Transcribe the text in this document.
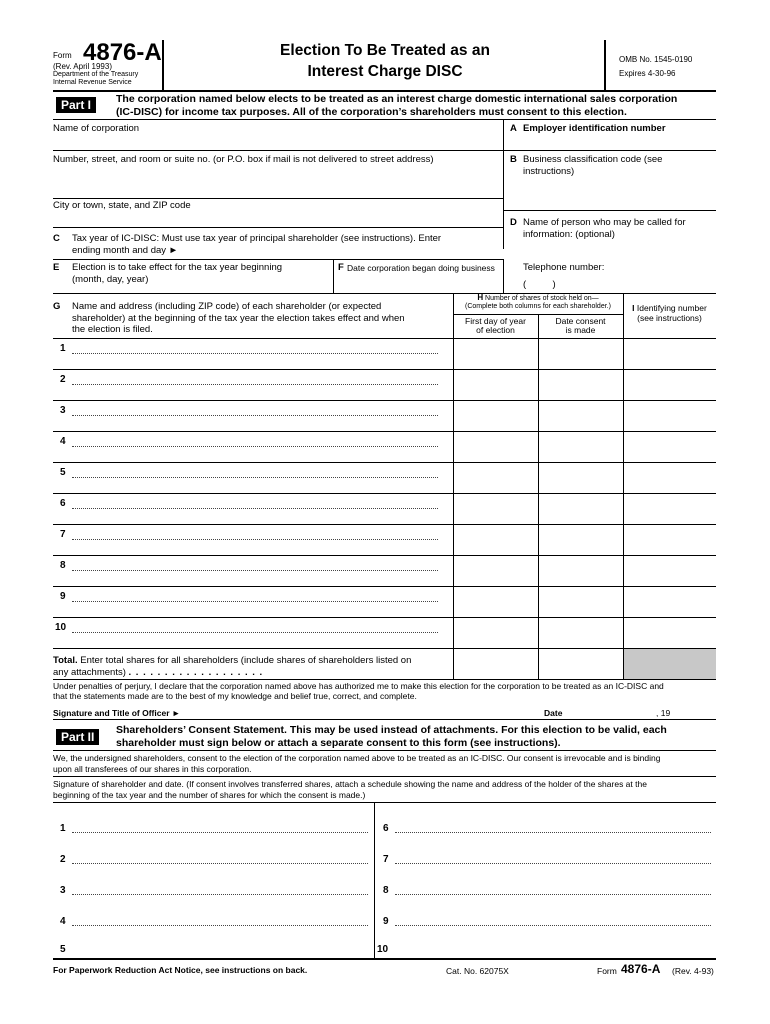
Form 4876-A
(Rev. April 1993)
Department of the Treasury
Internal Revenue Service
Election To Be Treated as an
Interest Charge DISC
OMB No. 1545-0190
Expires 4-30-96
Part I	The corporation named below elects to be treated as an interest charge domestic international sales corporation
(IC-DISC) for income tax purposes. All of the corporation’s shareholders must consent to this election.
Name of corporation	A Employer identification number
Number, street, and room or suite no. (or P.O. box if mail is not delivered to street address)	B Business classification code (see
instructions)
City or town, state, and ZIP code
D Name of person who may be called for
information: (optional)
C Tax year of IC-DISC: Must use tax year of principal shareholder (see instructions). Enter
ending month and day ►
E Election is to take effect for the tax year beginning
(month, day, year)
F Date corporation began doing business	Telephone number:
(          )
G Name and address (including ZIP code) of each shareholder (or expected
shareholder) at the beginning of the tax year the election takes effect and when
the election is filed.
H Number of shares of stock held on—
(Complete both columns for each shareholder.)
First day of year
of election
Date consent
is made
I Identifying number
(see instructions)
1
2
3
4
5
6
7
8
9
10
Total. Enter total shares for all shareholders (include shares of shareholders listed on
any attachments) . . . . . . . . . . . . . . . . . . .
Under penalties of perjury, I declare that the corporation named above has authorized me to make this election for the corporation to be treated as an IC-DISC and
that the statements made are to the best of my knowledge and belief true, correct, and complete.
Signature and Title of Officer ►	Date	, 19
Part II	Shareholders’ Consent Statement. This may be used instead of attachments. For this election to be valid, each
shareholder must sign below or attach a separate consent to this form (see instructions).
We, the undersigned shareholders, consent to the election of the corporation named above to be treated as an IC-DISC. Our consent is irrevocable and is binding
upon all transferees of our shares in this corporation.
Signature of shareholder and date. (If consent involves transferred shares, attach a schedule showing the name and address of the holder of the shares at the
beginning of the tax year and the number of shares for which the consent is made.)
1
2
3
4
5
6
7
8
9
10
For Paperwork Reduction Act Notice, see instructions on back.	Cat. No. 62075X	Form 4876-A (Rev. 4-93)
